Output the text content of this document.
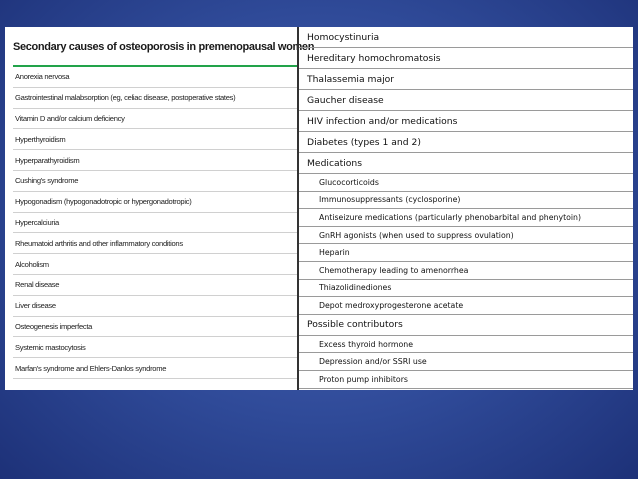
Secondary causes of osteoporosis in premenopausal women
Anorexia nervosa
Gastrointestinal malabsorption (eg, celiac disease, postoperative states)
Vitamin D and/or calcium deficiency
Hyperthyroidism
Hyperparathyroidism
Cushing's syndrome
Hypogonadism (hypogonadotropic or hypergonadotropic)
Hypercalciuria
Rheumatoid arthritis and other inflammatory conditions
Alcoholism
Renal disease
Liver disease
Osteogenesis imperfecta
Systemic mastocytosis
Marfan's syndrome and Ehlers-Danlos syndrome
Homocystinuria
Hereditary homochromatosis
Thalassemia major
Gaucher disease
HIV infection and/or medications
Diabetes (types 1 and 2)
Medications
Glucocorticoids
Immunosuppressants (cyclosporine)
Antiseizure medications (particularly phenobarbital and phenytoin)
GnRH agonists (when used to suppress ovulation)
Heparin
Chemotherapy leading to amenorrhea
Thiazolidinediones
Depot medroxyprogesterone acetate
Possible contributors
Excess thyroid hormone
Depression and/or SSRI use
Proton pump inhibitors
